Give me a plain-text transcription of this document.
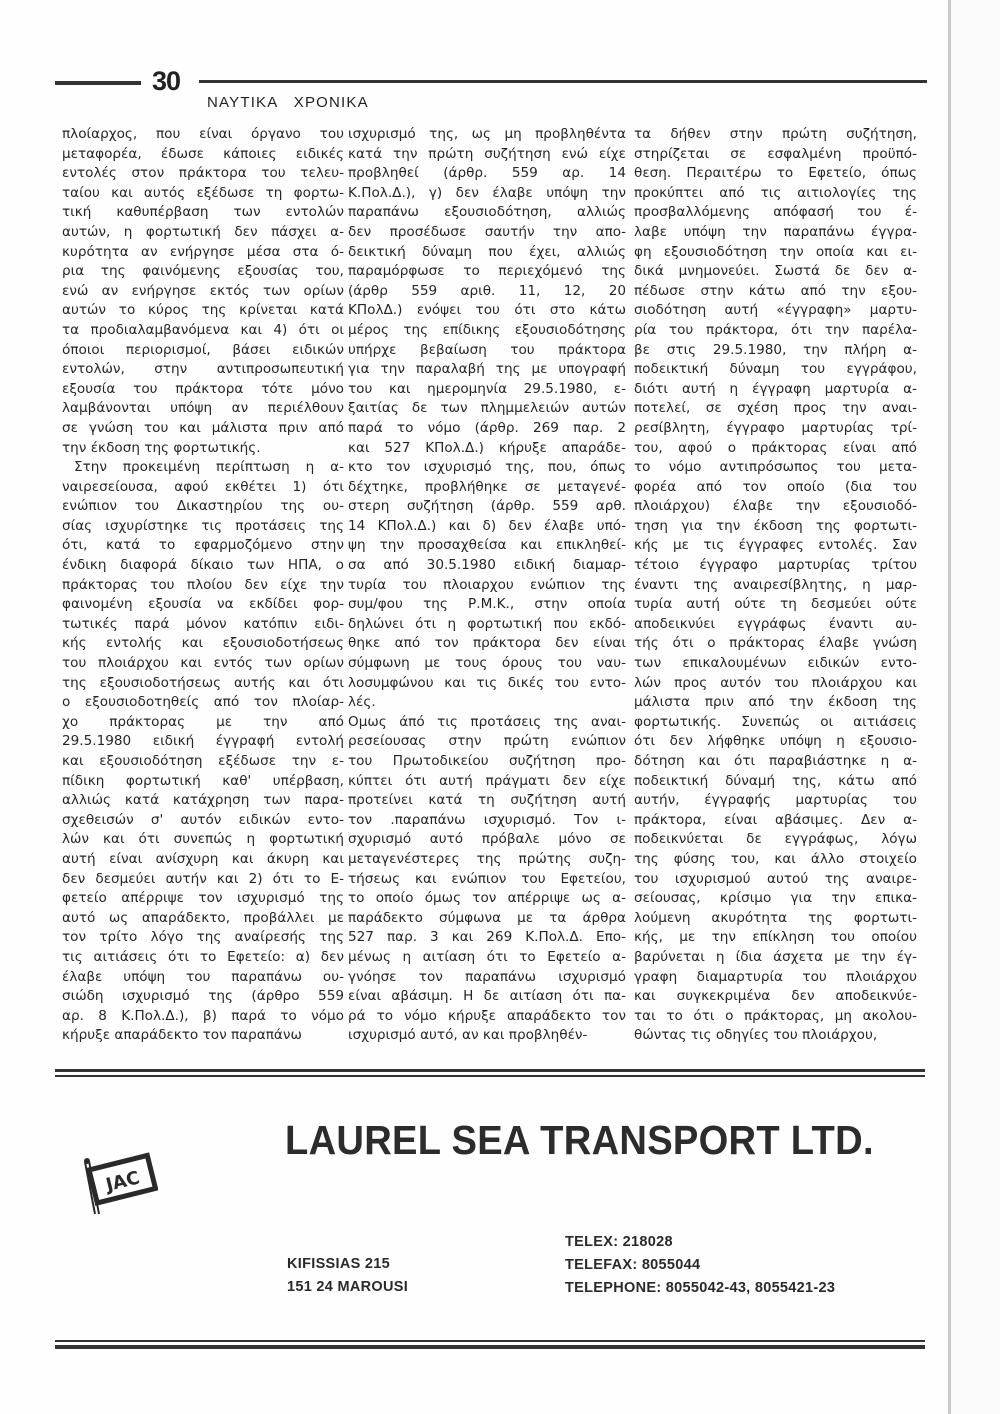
30
ΝΑΥΤΙΚΑ   ΧΡΟΝΙΚΑ
πλοίαρχος, που είναι όργανο του
μεταφορέα, έδωσε κάποιες ειδικές
εντολές στον πράκτορα του τελευ-
ταίου και αυτός εξέδωσε τη φορτω-
τική καθυπέρβαση των εντολών
αυτών, η φορτωτική δεν πάσχει α-
κυρότητα αν ενήργησε μέσα στα ό-
ρια της φαινόμενης εξουσίας του,
ενώ αν ενήργησε εκτός των ορίων
αυτών το κύρος της κρίνεται κατά
τα προδιαλαμβανόμενα και 4) ότι οι
όποιοι περιορισμοί, βάσει ειδικών
εντολών, στην αντιπροσωπευτική
εξουσία του πράκτορα τότε μόνο
λαμβάνονται υπόψη αν περιέλθουν
σε γνώση του και μάλιστα πριν από
την έκδοση της φορτωτικής.
Στην προκειμένη περίπτωση η α-
ναιρεσείουσα, αφού εκθέτει 1) ότι
ενώπιον του Δικαστηρίου της ου-
σίας ισχυρίστηκε τις προτάσεις της
ότι, κατά το εφαρμοζόμενο στην
ένδικη διαφορά δίκαιο των ΗΠΑ, ο
πράκτορας του πλοίου δεν είχε την
φαινομένη εξουσία να εκδίδει φορ-
τωτικές παρά μόνον κατόπιν ειδι-
κής εντολής και εξουσιοδοτήσεως
του πλοιάρχου και εντός των ορίων
της εξουσιοδοτήσεως αυτής και ότι
ο εξουσιοδοτηθείς από τον πλοίαρ-
χο πράκτορας με την από
29.5.1980 ειδική έγγραφή εντολή
και εξουσιοδότηση εξέδωσε την ε-
πίδικη φορτωτική καθ' υπέρβαση,
αλλιώς κατά κατάχρηση των παρα-
σχεθεισών σ' αυτόν ειδικών εντο-
λών και ότι συνεπώς η φορτωτική
αυτή είναι ανίσχυρη και άκυρη και
δεν δεσμεύει αυτήν και 2) ότι το Ε-
φετείο απέρριψε τον ισχυρισμό της
αυτό ως απαράδεκτο, προβάλλει με
τον τρίτο λόγο της αναίρεσής της
τις αιτιάσεις ότι το Εφετείο: α) δεν
έλαβε υπόψη του παραπάνω ου-
σιώδη ισχυρισμό της (άρθρο 559
αρ. 8 Κ.Πολ.Δ.), β) παρά το νόμο
κήρυξε απαράδεκτο τον παραπάνω
ισχυρισμό της, ως μη προβληθέντα
κατά την πρώτη συζήτηση ενώ είχε
προβληθεί (άρθρ. 559 αρ. 14
Κ.Πολ.Δ.), γ) δεν έλαβε υπόψη την
παραπάνω εξουσιοδότηση, αλλιώς
δεν προσέδωσε σαυτήν την απο-
δεικτική δύναμη που έχει, αλλιώς
παραμόρφωσε το περιεχόμενό της
(άρθρ 559 αριθ. 11, 12, 20
ΚΠολΔ.) ενόψει του ότι στο κάτω
μέρος της επίδικης εξουσιοδότησης
υπήρχε βεβαίωση του πράκτορα
για την παραλαβή της με υπογραφή
του και ημερομηνία 29.5.1980, ε-
ξαιτίας δε των πλημμελειών αυτών
παρά το νόμο (άρθρ. 269 παρ. 2
και 527 ΚΠολ.Δ.) κήρυξε απαράδε-
κτο τον ισχυρισμό της, που, όπως
δέχτηκε, προβλήθηκε σε μεταγενέ-
στερη συζήτηση (άρθρ. 559 αρθ.
14 ΚΠολ.Δ.) και δ) δεν έλαβε υπό-
ψη την προσαχθείσα και επικληθεί-
σα από 30.5.1980 ειδική διαμαρ-
τυρία του πλοιαρχου ενώπιον της
συμ/φου της Ρ.Μ.Κ., στην οποία
δηλώνει ότι η φορτωτική που εκδό-
θηκε από τον πράκτορα δεν είναι
σύμφωνη με τους όρους του ναυ-
λοσυμφώνου και τις δικές του εντο-
λές.
Ομως άπό τις προτάσεις της αναι-
ρεσείουσας στην πρώτη ενώπιον
του Πρωτοδικείου συζήτηση προ-
κύπτει ότι αυτή πράγματι δεν είχε
προτείνει κατά τη συζήτηση αυτή
τον .παραπάνω ισχυρισμό. Τον ι-
σχυρισμό αυτό πρόβαλε μόνο σε
μεταγενέστερες της πρώτης συζη-
τήσεως και ενώπιον του Εφετείου,
το οποίο όμως τον απέρριψε ως α-
παράδεκτο σύμφωνα με τα άρθρα
527 παρ. 3 και 269 Κ.Πολ.Δ. Επο-
μένως η αιτίαση ότι το Εφετείο α-
γνόησε τον παραπάνω ισχυρισμό
είναι αβάσιμη. Η δε αιτίαση ότι πα-
ρά το νόμο κήρυξε απαράδεκτο τον
ισχυρισμό αυτό, αν και προβληθέν-
τα δήθεν στην πρώτη συζήτηση,
στηρίζεται σε εσφαλμένη προϋπό-
θεση. Περαιτέρω το Εφετείο, όπως
προκύπτει από τις αιτιολογίες της
προσβαλλόμενης απόφασή του έ-
λαβε υπόψη την παραπάνω έγγρα-
φη εξουσιοδότηση την οποία και ει-
δικά μνημονεύει. Σωστά δε δεν α-
πέδωσε στην κάτω από την εξου-
σιοδότηση αυτή «έγγραφη» μαρτυ-
ρία του πράκτορα, ότι την παρέλα-
βε στις 29.5.1980, την πλήρη α-
ποδεικτική δύναμη του εγγράφου,
διότι αυτή η έγγραφη μαρτυρία α-
ποτελεί, σε σχέση προς την αναι-
ρεσίβλητη, έγγραφο μαρτυρίας τρί-
του, αφού ο πράκτορας είναι από
το νόμο αντιπρόσωπος του μετα-
φορέα από τον οποίο (δια του
πλοιάρχου) έλαβε την εξουσιοδό-
τηση για την έκδοση της φορτωτι-
κής με τις έγγραφες εντολές. Σαν
τέτοιο έγγραφο μαρτυρίας τρίτου
έναντι της αναιρεσίβλητης, η μαρ-
τυρία αυτή ούτε τη δεσμεύει ούτε
αποδεικνύει εγγράφως έναντι αυ-
τής ότι ο πράκτορας έλαβε γνώση
των επικαλουμένων ειδικών εντο-
λών προς αυτόν του πλοιάρχου και
μάλιστα πριν από την έκδοση της
φορτωτικής. Συνεπώς οι αιτιάσεις
ότι δεν λήφθηκε υπόψη η εξουσιο-
δότηση και ότι παραβιάστηκε η α-
ποδεικτική δύναμή της, κάτω από
αυτήν, έγγραφής μαρτυρίας του
πράκτορα, είναι αβάσιμες. Δεν α-
ποδεικνύεται δε εγγράφως, λόγω
της φύσης του, και άλλο στοιχείο
του ισχυρισμού αυτού της αναιρε-
σείουσας, κρίσιμο για την επικα-
λούμενη ακυρότητα της φορτωτι-
κής, με την επίκληση του οποίου
βαρύνεται η ίδια άσχετα με την έγ-
γραφη διαμαρτυρία του πλοιάρχου
και συγκεκριμένα δεν αποδεικνύε-
ται το ότι ο πράκτορας, μη ακολου-
θώντας τις οδηγίες του πλοιάρχου,
JAC
LAUREL SEA TRANSPORT LTD.
KIFISSIAS 215
151 24 MAROUSI
TELEX: 218028
TELEFAX: 8055044
TELEPHONE: 8055042-43, 8055421-23
